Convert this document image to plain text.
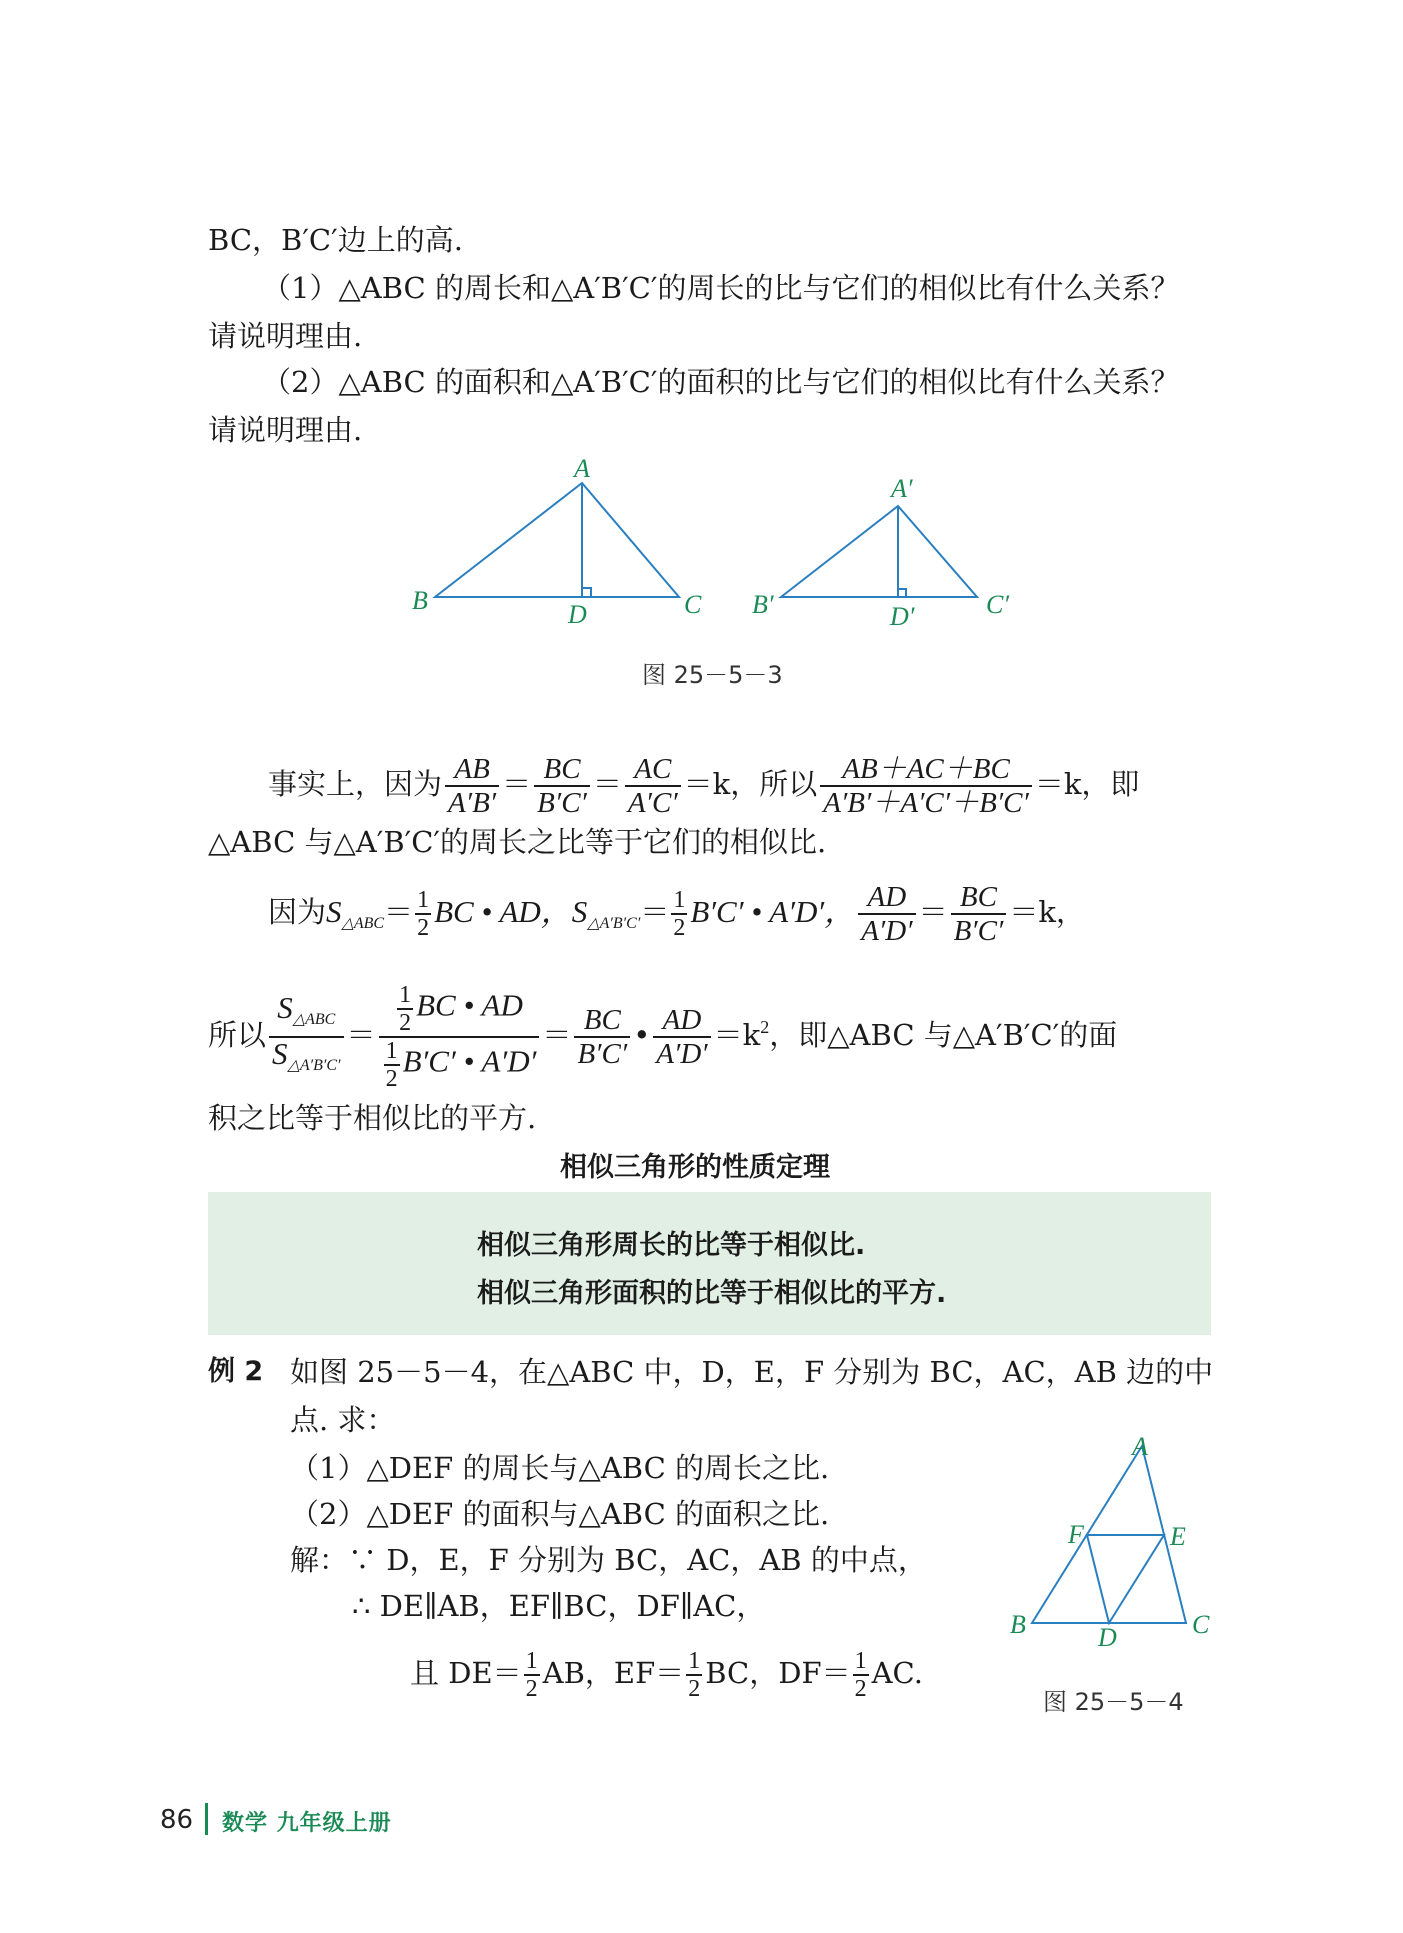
BC，B′C′边上的高.
（1）△ABC 的周长和△A′B′C′的周长的比与它们的相似比有什么关系？
请说明理由.
（2）△ABC 的面积和△A′B′C′的面积的比与它们的相似比有什么关系？
请说明理由.
A
B	C
D
A′
B′	C′
D′
图 25－5－3
事实上，因为 $\frac{AB}{A'B'} = \frac{BC}{B'C'} = \frac{AC}{A'C'} =k$，所以 $\frac{AB+AC+BC}{A'B'+A'C'+B'C'} =k$，即
△ABC 与△A′B′C′的周长之比等于它们的相似比.
因为$S_{\triangle ABC}= \frac{1}{2}$ BC • AD，$S_{\triangle A'B'C'}= \frac{1}{2} B'C'$ • A′D′， $\frac{AD}{A'D'} = \frac{BC}{B'C'} =k$，
所以
$S_{\triangle ABC}$
$S_{\triangle A'B'C'}$
＝ $\frac{\frac{1}{2} BC • AD}{\frac{1}{2} B'C' • A'D'} = \frac{BC}{B'C'}$ • $\frac{AD}{A'D'} =k^2$，即△ABC 与△A′B′C′的面
积之比等于相似比的平方.
相似三角形的性质定理
相似三角形周长的比等于相似比.
相似三角形面积的比等于相似比的平方.
例 2 如图 25－5－4，在△ABC 中，D，E，F 分别为 BC，AC，AB 边的中
点. 求：
（1）△DEF 的周长与△ABC 的周长之比.
（2）△DEF 的面积与△ABC 的面积之比.
解：∵ D，E，F 分别为 BC，AC，AB 的中点，
∴ DE∥AB，EF∥BC，DF∥AC，
且 $DE= \frac{1}{2}$ AB，$EF= \frac{1}{2}$ BC，$DF= \frac{1}{2}$ AC.
A
F	E
B	D	C
图 25－5－4
86 数学 九年级上册
